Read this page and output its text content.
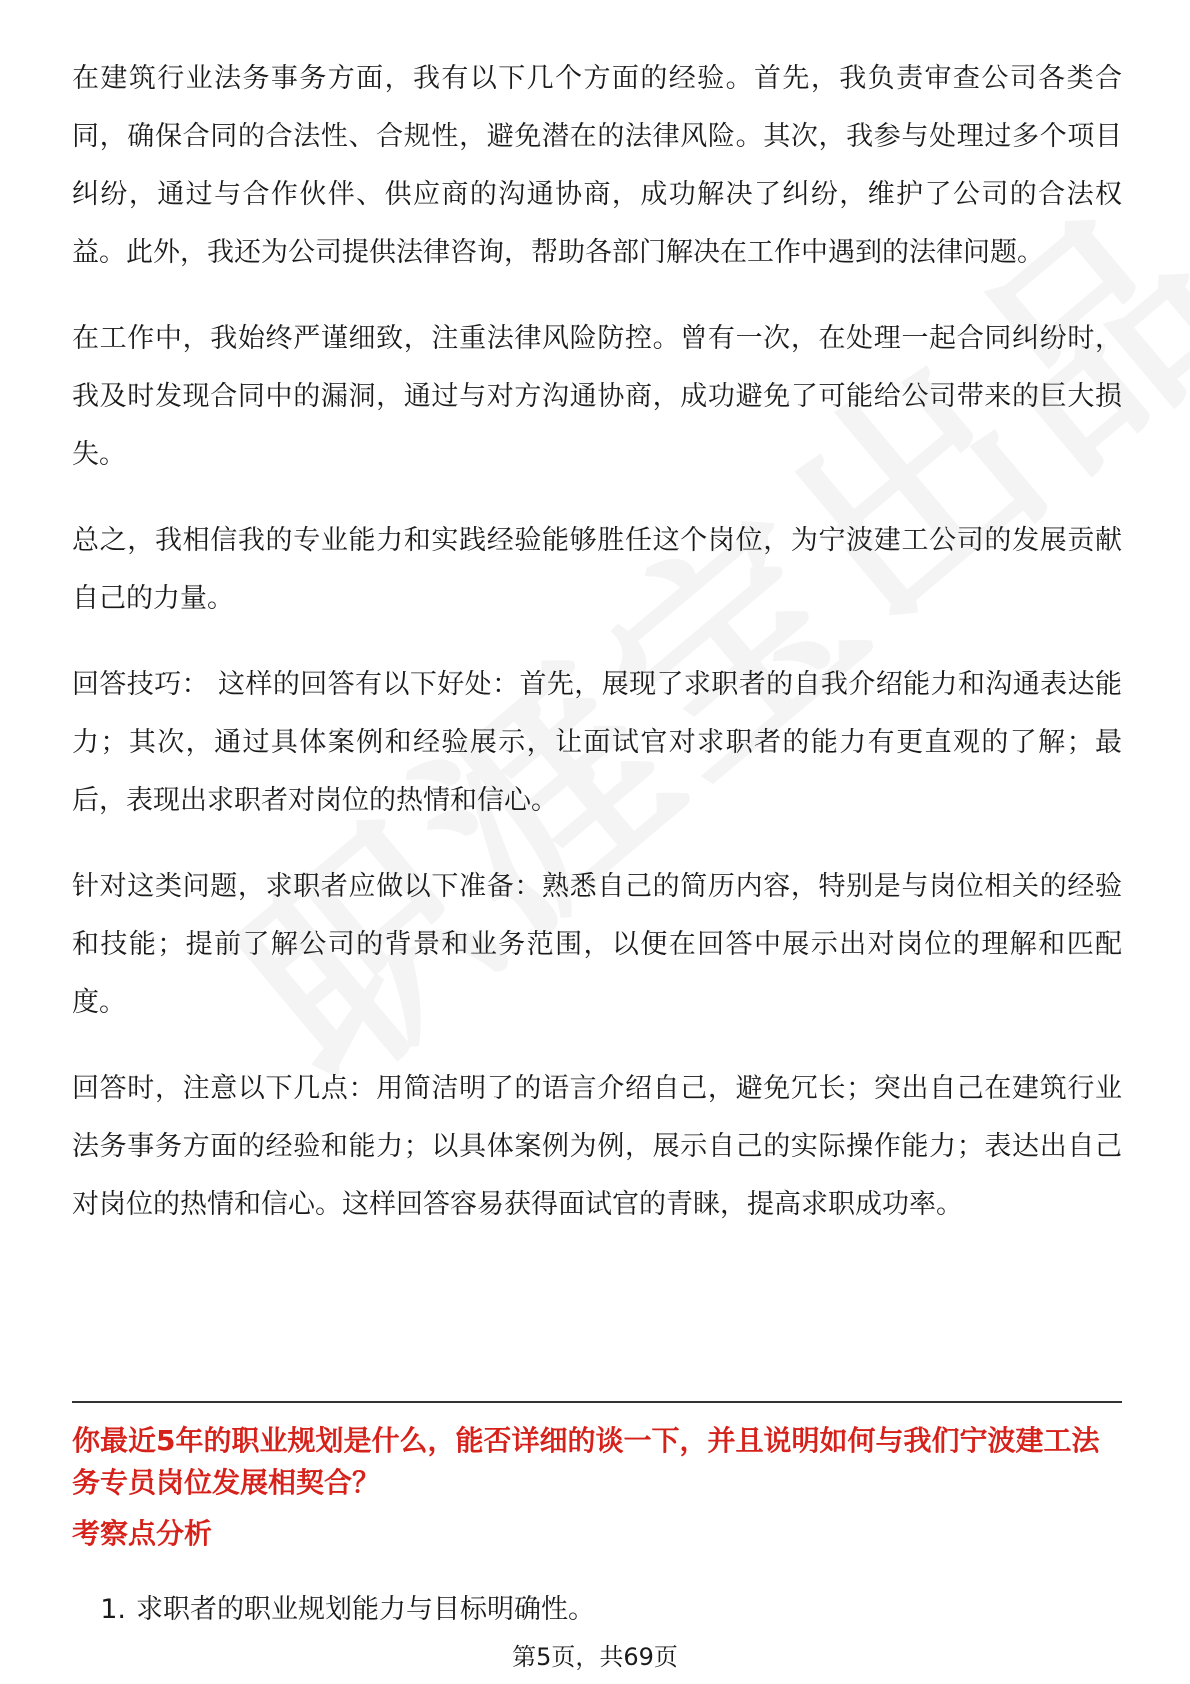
在建筑行业法务事务方面，我有以下几个方面的经验。首先，我负责审查公司各类合同，确保合同的合法性、合规性，避免潜在的法律风险。其次，我参与处理过多个项目纠纷，通过与合作伙伴、供应商的沟通协商，成功解决了纠纷，维护了公司的合法权益。此外，我还为公司提供法律咨询，帮助各部门解决在工作中遇到的法律问题。

在工作中，我始终严谨细致，注重法律风险防控。曾有一次，在处理一起合同纠纷时，我及时发现合同中的漏洞，通过与对方沟通协商，成功避免了可能给公司带来的巨大损失。

总之，我相信我的专业能力和实践经验能够胜任这个岗位，为宁波建工公司的发展贡献自己的力量。

回答技巧： 这样的回答有以下好处：首先，展现了求职者的自我介绍能力和沟通表达能力；其次，通过具体案例和经验展示，让面试官对求职者的能力有更直观的了解；最后，表现出求职者对岗位的热情和信心。

针对这类问题，求职者应做以下准备：熟悉自己的简历内容，特别是与岗位相关的经验和技能；提前了解公司的背景和业务范围，以便在回答中展示出对岗位的理解和匹配度。

回答时，注意以下几点：用简洁明了的语言介绍自己，避免冗长；突出自己在建筑行业法务事务方面的经验和能力；以具体案例为例，展示自己的实际操作能力；表达出自己对岗位的热情和信心。这样回答容易获得面试官的青睐，提高求职成功率。

你最近5年的职业规划是什么，能否详细的谈一下，并且说明如何与我们宁波建工法务专员岗位发展相契合？
考察点分析
1. 求职者的职业规划能力与目标明确性。
第5页，共69页
